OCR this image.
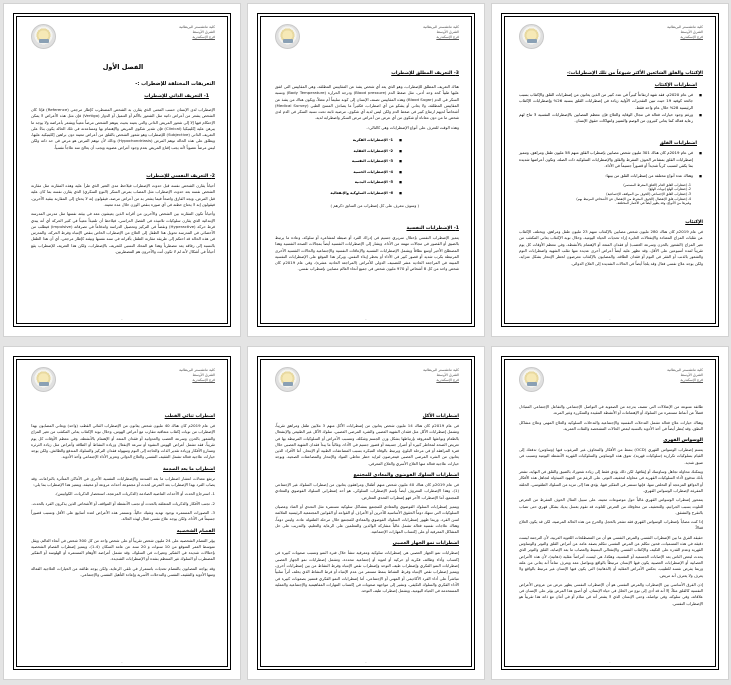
كلية مانشستر البريطانية
الشرق الأوسط
فرع الإسكندرية
الفصل الأول
التعريفات المختلفة للإضطراب :-
1- التعريف الذاتي للإضطراب

الإضطراب لدى الإنسان حسب المعنى الذي يقارن به الشخص المضطرب كإطار مرجعي (Reference) فإذا كان الشخص يشعر من أعراض ذاتية مثل الشعور بالألم أو التنميل أو الدوار (Vertigo) فإن مثل هذه الأعراض لا يمكن الإحتكام فيها إلا إلى شعور المريض الذاتي والتي بعينه بحيث يتوهم الشخص مرضاً معيناً ويشعر بأعراضه ولا يوجد ما يبرهن عليه إكلينيكيا (Clinical) فإن تقدير شكوى المريض والإهتمام بها ومساعدته في تلك الحالة يكون بناءً على التعريف الذاتي (Subjective) للإضطراب وهو شعور الشخص بالقلق من أعراض معينة دون براهين إكلينيكية عليها، ويطلق على هذه الحالة توهم المرض (Hypochondriasis) وذلك لأن توهم المرض هو مرض في حد ذاته ولكن ليس مرضاً عضوياً لأنه يجب إقناع المريض بعدم وجود أعراض عضوية ويجب أن يعالج منه علاجاً نفسياً.

2- التعريف النفسي للإضطراب

أحياناً يقارن الشخص نفسه قبل حدوث الإضطراب فيلاحظ مدى التغير الذي طرأ عليه وهذه المقارنة مثل مقارنة الشخص نفسه بعد حدوث الإضطراب مثل المصاب بمرض السكر (النوع السكري) الذي يقارن نفسه بما كان عليه قبل المرض، ويجد الفارق واضحاً فيما يشعر به من أعراض مرضه، فيقولون إنه لا يحتاج إلى المقارنة ببقية الآخرين، فيقولون إنه لا يحتاج خطته في أي صورة بنقص الوزن خلال مدة معينة.

وأحياناً تكون المقارنة بين الشخص والآخرين من أقرانه الذين يعيشون معه في بيئته نفسها مثل مدرس المدرسة الإبتدائية الذي يقارن سلوكيات تلاميذه في الفصل الدراسي، فيلاحظ أن تلميذاً معيناً في كثير الحركة أي أنه يبدي فرط حركة (Hyperactive) ونقصاً في التركيز وتحصيل الدراسة واندفاعاً في تصرفاته (impulsive) فيطلب من الأخصائي في المدرسة تحويل هذا الطفل إلى العلاج من الإضطراب الخاص بنقص الإنتباه وفرط الحركة، والمدرس في هذه الحالة قد احتكم إلى طريقة مقارنة الطفل بأقرانه في سنه نفسها وبيئته كإطار مرجعي، أي أن هذا الطفل بالنسبة إلى رفاقه يعد مضطرباً وهذا هو المحك النسبي للتعريف بالإضطراب، ولكن هذا التعريف للإضطراب يقع أحياناً في أشكال لأنه لم لا تكون أنت والآخرون هم المضطربين.

·
كلية مانشستر البريطانية
الشرق الأوسط
فرع الإسكندرية
3- التعريف المطلق للإضطراب

هناك التعريف المطلق للإضطراب، وهو الذي يعد أي شخص يشذ عن المقاييس المطلقة، وهي المقاييس التي اتفق عليها طبياً كحد وحد أدنى، مثل ضغط الدم (Blood pressure) ودرجة الحرارة (Body Temperature) ونسبة السكر في الدم (Blood Sugar) وهذه المقاييس تصنف الإنسان إلى كونه سليماً أم معتلاً، ويكون هناك من يشذ عن المقاييس المطلقة، ولا يعاني أو يشكو من أي اضطراب، فكثيراً ما يصادف المسح الطبي (Medical Survey) أشخاصاً لديهم ارتفاع كبير في ضغط الدم ولكن ليس لديه أي شكوى، مرضية ثابتة تحت نسبة السكر في الدم لدى شخص ما من دون معاناة أو شكوى من أي عرض من أعراض مرض السكر واضطرابه لديه.

وهذه الوقت للتعرف على أنواع الإضطرابات وهي كالتالي:-

■ 1- الإضطرابات الفكرية
■ 2- الإضطرابات العقلية
■ 3- الإضطرابات النفسية
■ 4- الإضطرابات الحسية
■ 5- الإضطرابات البدنية
■ 6- الإضطرابات السلوكية والإنفعالية

( وسوف نتعرف على كل إضطراب من السابق ذكرهم )

1- الإضطرابات النفسية

يتميز الإضطراب النفسي بإختلال سريري جسيم في إدراك الفرد أو ضبطه لمشاعره أو سلوكه، وعادة ما يرتبط بالضيق أو القصور في مجالات مهمة من الأداء، ويشار إلى الإضطرابات النفسية أيضاً بمجالات الصحة النفسية وهذا المصطلح الأخير أوسع نطاقاً ويشمل الإضطرابات النفسية والإعاقات النفسية والإجتماعية والحالات النفسية الأخرى المرتبطة بكرب شديد أو قصور كبير في الأداء أو بخطر إيذاء النفس، ويركز هذا الموقع على الإضطرابات النفسية المبينة في المراجعة الحادية عشر للتصنيف الدولي للأمراض (المراجعة الحادية عشرة)، وفي عام 2019م كان شخص واحد من كل 8 أشخاص أو 970 مليون شخص في جميع أنحاء العالم مصابين بإضطراب نفسي.

·
كلية مانشستر البريطانية
الشرق الأوسط
فرع الإسكندرية
الإكتئاب والقلق الشائعين الأكثر شيوعاً من تلك الإضطرابات:-
اضطرابات الإكتئاب
■ في عام 2020م، فقد شهد ارتفاعاً كبيراً في عدد كبير من الذين يعانون من إضطرابات القلق والإكتئاب بسبب جائحة كوفيد 19 حيث تبين التقديرات الأولية زيادة في إضطرابات القلق بنسبة 26% وإضطرابات الإكتئاب الرئيسية 28% خلال عام واحد فقط.
■ ورغم وجود خيارات فعالة في مجال الوقاية والعلاج فإن معظم المصابين بالإضطرابات النفسية لا تتاح لهم رعاية فعالة كما يعاني كثيرون من الوصم والتمييز وانتهاكات حقوق الإنسان.
اضطرابات القلق
■ في عام 2019م كان هناك 301 مليون شخص مصابين بإضطراب القلق منهم 58 مليون طفل ومراهق، وتتميز إضطرابات القلق بمشاعر الخوف المفرط والقلق والإضطرابات السلوكية ذات الصلة، وتكون أعراضها شديدة بما يكفي لتسبب كرباً شديداً أو قصوراً جسيماً في الأداء.
■ وهناك عدة أنواع مختلفة من إضطرابات القلق من بينها:
1- إضطراب القلق العام (القلق المفرط المستمر)
2- إضطراب الهلع (نوبات الهلع)
3- إضطراب القلق الإجتماعي (الخوف من المواقف الإجتماعية)
4- إضطراب قلق الإنفصال (الخوف المفرط من الإنفصال عن الأشخاص المرتبط بهم)
وغيرها من الأنواع، وقد يظهر أيضاً في الأعمار المختلفة.
الإكتئاب

في عام 2019م كان هناك 280 مليون شخص مصابين بالإكتئاب منهم 23 مليون طفل ومراهق، ويختلف الإكتئاب عن تقلبات المزاج المعتادة والإنفعالات العابرة إزاء تحديات الحياة اليومية، وخلال نوبة الإكتئاب يعاني المكتئب من تغير المزاج (الشعور بالحزن وسرعة الغضب) أو فقدان المتعة أو الإهتمام بالأنشطة، وفي معظم الأوقات كل يوم تقريباً لمدة أسبوعين على الأقل، وقد تظهر عليه أيضاً أعراض أخرى عديدة منها تقلب الشهية واضطرابات النوم والشعور بالذنب أو الفقر في النوم أو فقدان الطاقة، والمصابون بالإكتئاب معرضون لخطر الإنتحار بشكل متزايد، ولكن يوجد علاج نفسي فعال وقد يلجأ أيضاً في الحالات الشديدة إلى العلاج الدوائي.

·
كلية مانشستر البريطانية
الشرق الأوسط
فرع الإسكندرية
اضطراب ثنائي القطب

في عام 2019م كان هناك 40 مليون شخص يعانون من الإضطراب الثنائي القطب (واحد) ويعاني المصابون بهذا الإضطراب من نوبات إكتئاب متعاقبة تتقارب مع أعراض الهوس، وخلال نوبة الإكتئاب يعاني المكتئب من تغير المزاج والشعور بالحزن وسرعة الغضب والعدوانية أو فقدان المتعة أو الإهتمام بالأنشطة، وفي معظم الأوقات كل يوم تقريباً، فقد تشمل أعراض الهوس النشوة أو سرعة الإنفعال وزيادة النشاط أو الطاقة وأعراض مثل زيادة الثرثرة وتسارع الأفكار وزيادة تقدير الذات والحاجة إلى النوم وسهولة فقدان التركيز والسلوك المندفع والطائش، ولكن يوجد خيارات علاجية فعالة تشمل التثقيف النفسي والعلاج الدوائي وتعزيز الأداء الإجتماعي وأخذ الأدوية.

اضطراب ما بعد الصدمة

ترتفع معدلات انتشار اضطراب ما بعد الصدمة والإضطرابات النفسية الأخرى في الأماكن المتأثرة بالنزاعات، وقد يصاب الفرد بهذا الإضطراب بعد التعرض لحدث أو مجموعة أحداث مروعة أو مخيفة، ويتميز هذا الإضطراب بما يلي:

1- استرجاع الحدث أو الأحداث الماضية الصادمة (الذكريات المزعجة، استحضار الذكريات، الكوابيس).

2- تجنب الأفكار والذكريات المتعلقة بالحدث أو تجنب الأنشطة أو المواقف أو الأشخاص الذين يذكرون الفرد بالحدث.

3- التصورات المستمرة بوجود تهديد وشيك حالياً، وتستمر هذه الأعراض لعدة أسابيع على الأقل وتسبب قصوراً جسيماً في الأداء، ولكن يوجد علاج نفسي فعال لهذه الحالة.

الفصام الشخصيه

يؤثر الفصام الشخصيه على 24 مليون شخص تقريباً أو على شخص واحد من كل 300 شخص في أنحاء العالم، ويقل متوسط العمر المتوقع من 10 سنوات و 20 سنة عن عامة السكان (4-1)، ويتميز إضطراب الفصام الشخصية بإختلالات شديدة في التفكير وتغيرات في السلوك، وقد تشمل أعراضه الأوهام المستمرة أو الهلوسة أو التفكير المضطرب أو السلوك غير المنتظم بشدة أو الإضطرابات الشديدة.

وقد يواجه المصابون بالفصام تحديات باستمرار في تلقي الرعاية، ولكن يوجد طائفة من الخيارات العلاجية الفعالة ومنها الأدوية والتثقيف النفسي والتدخلات الأسرية وإعادة التأهيل النفسي والإجتماعي.

·
كلية مانشستر البريطانية
الشرق الأوسط
فرع الإسكندرية
اضطرابات الأكل

في عام 2019م كان هناك 14 مليون شخص يعانون من إضطرابات الأكل منهم 3 ملايين طفل ومراهق تقريباً، وتشمل إضطرابات الأكل مثل فقدان الشهية العصبي والشره المرضي العصبي، سلوك الأكل غير الطبيعي والإنشغال بالطعام وبواعثها المعروفة بإرتباطها بشكل وزن الجسم وشكله، وتتسبب الأعراض أو السلوكيات المرتبطة بها في تعريض الصحة لمخاطر كبيرة أو أضرار جسيمة أو قصور جسيم في الأداء، وغالباً ما يبدأ فقدان الشهية العصبي خلال فترة المراهقة أو في مرحلة البلوغ، ويرتبط بالوفاة المبكرة بسبب المضاعفات الطبية أو الإنتحار، أما الأفراد الذين يعانون من الشره المرضي العصبي فيتعرضون لتزايد خطر تعاطي المواد والإنتحار والمضاعفات الصحية، ويوجد خيارات علاجية فعالة منها العلاج الأسري والعلاج المعرفي.

اضطرابات السلوك الفوضوي والمعادي للمجتمع

في عام 2019م كان هناك 40 مليون شخص منهم أطفال ومراهقون يعانون من إضطراب السلوك غير الإجتماعي (1)، وهذا الإضطراب المعروف أيضاً بإسم الإضطراب السلوكي، هو أحد إضطرابي السلوك الفوضوي والمعادي للمجتمع، أما الإضطراب الآخر فهو إضطراب التحدي المعارض.

ويتميز إضطرابات السلوك الفوضوي والمعادي للمجتمع بمشاكل سلوكية مستمرة مثل التحدي أو العناد وعصيان السلوكيات التي تنتهك دوماً الحقوق الأساسية للآخرين أو الأعراف أو القواعد أو القوانين المجتمعية الرئيسية الملائمة لسن الفرد، وربما ظهور إضطرابات السلوك الفوضوي والمعادي للمجتمع خلال مرحلة الطفولة عادة، وليس دوماً، وهناك علاجات نفسية فعالة تشمل غالباً مشاركة الوالدين والمعلمين على الرعاية والتعليم، والتدريب على حل المشاكل المعرفية أو على إكتساب المهارات الإجتماعية.

اضطرابات نمو الجهاز العصبي

إضطرابات نمو الجهاز العصبي هي إضطرابات سلوكية ومعرفية تنشأ خلال فترة النمو وتسبب صعوبات كبيرة في إكتساب وأداء وظائف فكرية أو حركية أو لغوية أو إجتماعية محددة، وتشمل إضطرابات نمو الجهاز العصبي إضطرابات النمو الفكري وإضطراب طيف التوحد وإضطراب نقص الإنتباه وفرط النشاط من بين إضطرابات أخرى، ويتميز إضطراب نقص الإنتباه وفرط النشاط بنمط مستمر من عدم الإنتباه أو فرط النشاط الذي يخلف أثراً سلبياً مباشراً على أداء الفرد الأكاديمي أو المهني أو الإجتماعي، أما إضطرابات النمو الفكري فتتميز بصعوبات كبيرة في الأداء الفكري والسلوك التكيفي، وتشير إلى مواجهة صعوبات في إكتساب المهارات المفاهيمية والإجتماعية والعملية المستخدمة في الحياة اليومية، ويشمل إضطراب طيف التوحد.

·
كلية مانشستر البريطانية
الشرق الأوسط
فرع الإسكندرية

طائفة متنوعة من الإعتلالات التي تتصف بدرجة من الصعوبة في التواصل الإجتماعي والتفاعل الإجتماعي المتبادل فضلاً عن أنماط مستمرة من السلوك أو الإهتمامات أو الأنشطة المقيدة والمتكررة وغير المرنة.

وهناك خيارات علاج فعالة تشمل التدخلات النفسية والإجتماعية والتدخلات السلوكية والعلاج المهني وعلاج مشاكل النطق، وقد يُنظر أيضاً في أخذ الأدوية بالنسبة لبعض الحالات المشخصة والفئات العمرية.

الوسواس القهري

يتسم إضطراب الوسواس القهري (OCD) بنمط من الأفكار والمخاوف غير المرغوب فيها (وساوس) تدفعك إلى القيام بسلوكيات تكرارية (سلوكيات قهرية)، تعوق هذه الوساوس والسلوكيات القهرية الأنشطة اليومية وتسبب في ضيق شديد.

ويمكنك محاولة تجاهل وساوسك أو إيقافها، لكن ذلك يؤدي فقط إلى زيادة شعورك بالضيق والقلق في النهاية، تشعر بأنك مدفوع لأداء السلوكيات القهرية في محاولة لتخفيف التوتر، على الرغم من الجهود المبذولة لتجاهل هذه الأفكار أو الدوافع المزعجة أو التخلص منها، فإنها تستمر في التفكير فيها، يؤدي هذا إلى مزيد من السلوك الطقوسي، الحلقة المفرغة لإضطراب الوسواس القهري.

يتمحور إضطراب الوسواس القهري غالباً حول موضوعات معينة، على سبيل المثال الخوف المفرط من التعرض للتلوث بسبب الجراثيم، وللتخفيف من مخاوفك من التعرض للتلوث قد تقوم بغسل يديك بشكل قهري حتى تصاب بالتقرح والتشقق.

إذا كنت مصاباً بإضطراب الوسواس القهري فقد تشعر بالخجل والحرج من هذه الحالة المرضية، لكن قد يكون العلاج فعالاً.

حقيقة الفرق ما بين الإضطراب النفسي والمرض النفسي هو أن من المصطلحات اللغوية العربية، لأن الترجمة ليست دقيقة في هذه المسميات، فحين نتكلم عن المرض النفسي نتكلم بصفة عامة عن أمراض القلق والتوتر والوساوس القهرية وعدم القدرة على التكيف والإكتئاب النفسي والإنفعالي البسيط والعصاب ما بعد الإصابة، القلق والتوتر الذي يحدث لبعض الناس بعد الإصابات الجسمية أو النفسية، وهكذا، هي ليست أمراضاً عقلية (ذهانية)، لأن هذه الأمراض العصابية أو الإضطرابات العصبية يكون فيها الإنسان مرتبطاً بالواقع ويتواصل معه ويعرف تماماً أنه يعاني من علته وربما يفرض نفسه للطبيب، بعكس الأمراض العقلية أو (الذهانية) التي يكون فيها الإنسان غير مرتبط بالواقع ولا يعرف ولا يعترف أنه مريض.

إذن الفرق الأساسي بين الإضطراب والمرض النفسي هو أن الإضطراب النفسي يظهر عرض من عروض الأعراض النفسية كالقلق مثلاً، إلا أنه قد أدى إلى نوع من الخلل في حياة الإنسان، أي أصبح هذا المرض يؤثر على الإنسان في علاقاته، وفي سلوكه، وفي تواصله، وحتى الإنسان الذي لا يشعر أنه في سلام أو في أمان مع ذاته هذا تقريباً هو الإضطراب النفسي.

·
